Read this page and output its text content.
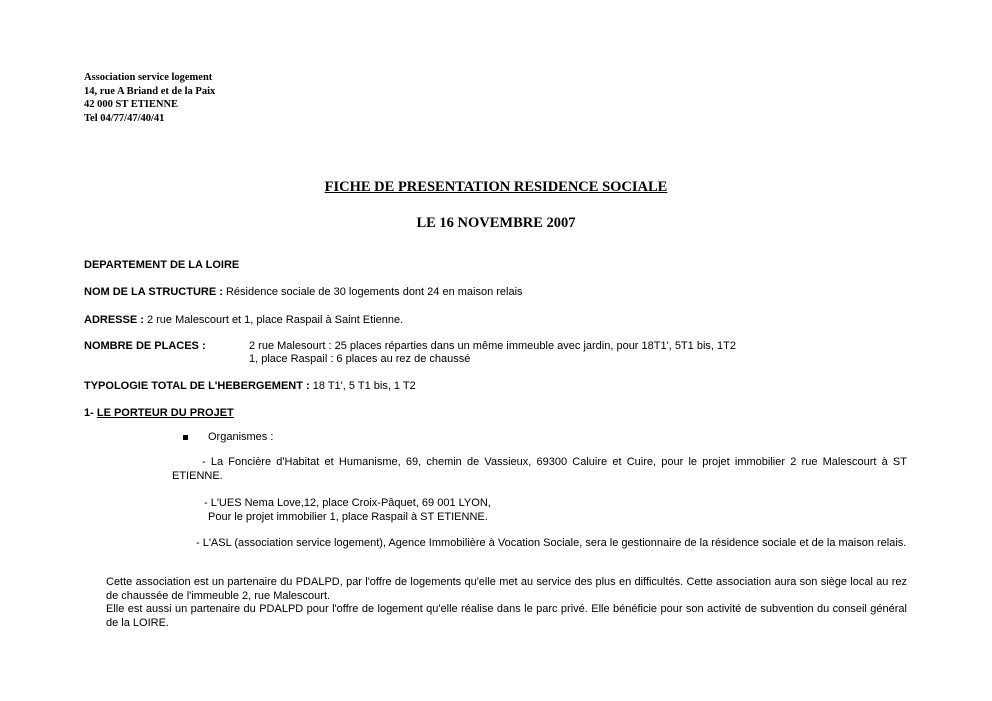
Association service logement
14, rue A Briand et de la Paix
42 000 ST ETIENNE
Tel 04/77/47/40/41
FICHE DE PRESENTATION RESIDENCE SOCIALE
LE 16 NOVEMBRE 2007
DEPARTEMENT DE LA LOIRE
NOM DE LA STRUCTURE : Résidence sociale de 30 logements dont 24 en maison relais
ADRESSE : 2 rue Malescourt et 1, place Raspail à Saint Etienne.
NOMBRE DE PLACES :	2 rue Malesourt : 25 places réparties dans un même immeuble avec jardin, pour 18T1', 5T1 bis, 1T2
1, place Raspail : 6 places au rez de chaussé
TYPOLOGIE TOTAL DE L'HEBERGEMENT : 18 T1', 5 T1 bis, 1 T2
1- LE PORTEUR DU PROJET
Organismes :
- La Foncière d'Habitat et Humanisme, 69, chemin de Vassieux, 69300 Caluire et Cuire, pour le projet immobilier 2 rue Malescourt à ST ETIENNE.
- L'UES Nema Love,12, place Croix-Pâquet, 69 001 LYON,
Pour le projet immobilier 1, place Raspail à ST ETIENNE.
- L'ASL (association service logement), Agence Immobilière à Vocation Sociale, sera le gestionnaire de la résidence sociale et de la maison relais.
Cette association est un partenaire du PDALPD, par l'offre de logements qu'elle met au service des plus en difficultés. Cette association aura son siège local au rez de chaussée de l'immeuble 2, rue Malescourt.
Elle est aussi un partenaire du PDALPD pour l'offre de logement qu'elle réalise dans le parc privé. Elle bénéficie pour son activité de subvention du conseil général de la LOIRE.
